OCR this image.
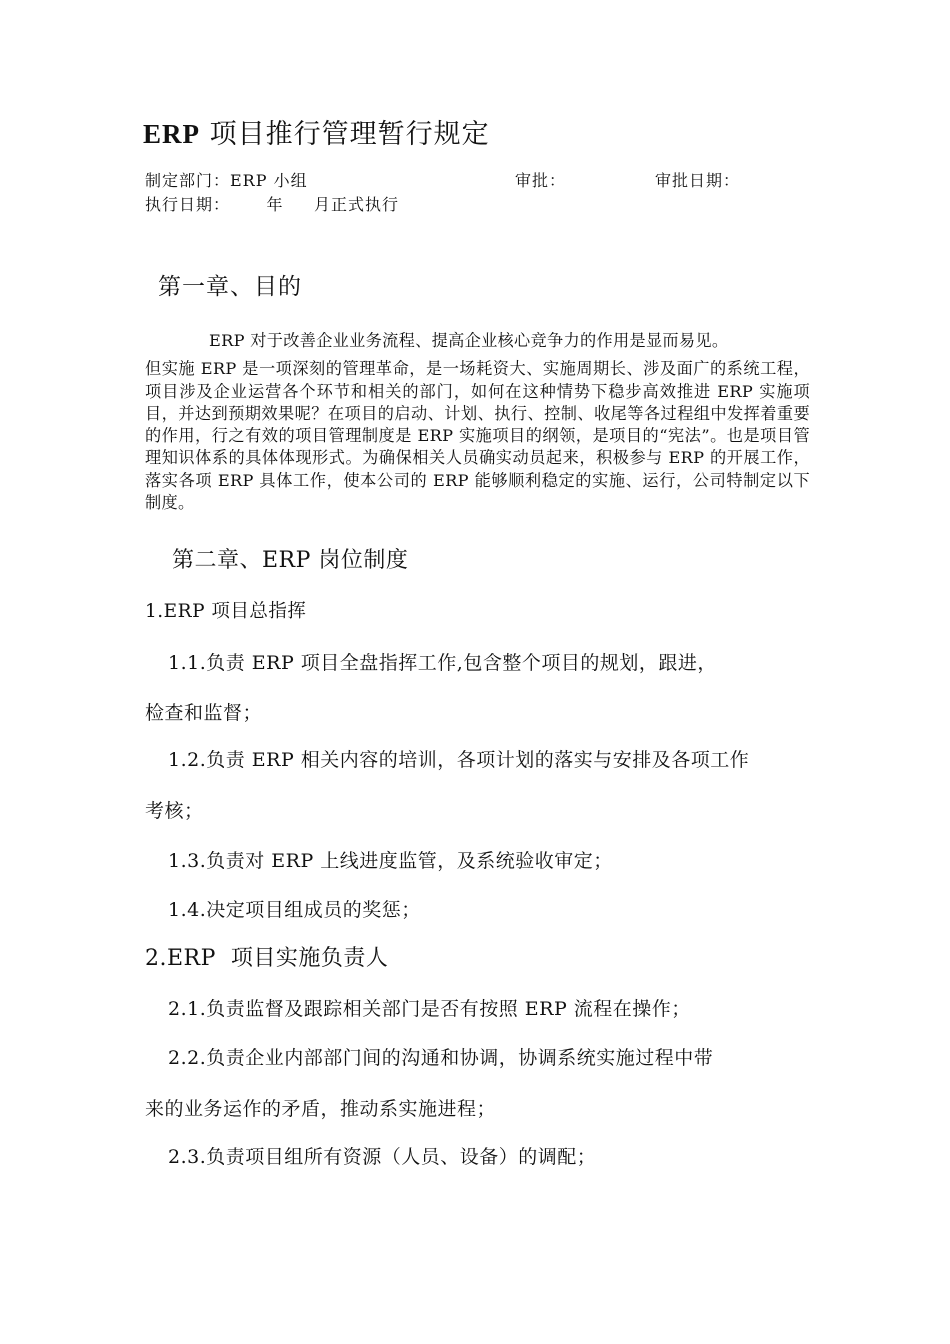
ERP 项目推行管理暂行规定
制定部门：ERP 小组	审批：	审批日期：
执行日期：      年     月正式执行
第一章、目的

ERP 对于改善企业业务流程、提高企业核心竞争力的作用是显而易见。

但实施 ERP 是一项深刻的管理革命，是一场耗资大、实施周期长、涉及面广的系统工程，项目涉及企业运营各个环节和相关的部门，如何在这种情势下稳步高效推进 ERP 实施项目，并达到预期效果呢？在项目的启动、计划、执行、控制、收尾等各过程组中发挥着重要的作用，行之有效的项目管理制度是 ERP 实施项目的纲领，是项目的“宪法”。也是项目管理知识体系的具体体现形式。为确保相关人员确实动员起来，积极参与 ERP 的开展工作，落实各项 ERP 具体工作，使本公司的 ERP 能够顺利稳定的实施、运行，公司特制定以下制度。

第二章、ERP 岗位制度
1.ERP 项目总指挥
1.1.负责 ERP 项目全盘指挥工作,包含整个项目的规划，跟进，
检查和监督；
1.2.负责 ERP 相关内容的培训，各项计划的落实与安排及各项工作
考核；
1.3.负责对 ERP 上线进度监管，及系统验收审定；
1.4.决定项目组成员的奖惩；
2.ERP  项目实施负责人
2.1.负责监督及跟踪相关部门是否有按照 ERP 流程在操作；
2.2.负责企业内部部门间的沟通和协调，协调系统实施过程中带
来的业务运作的矛盾，推动系实施进程；
2.3.负责项目组所有资源（人员、设备）的调配；
